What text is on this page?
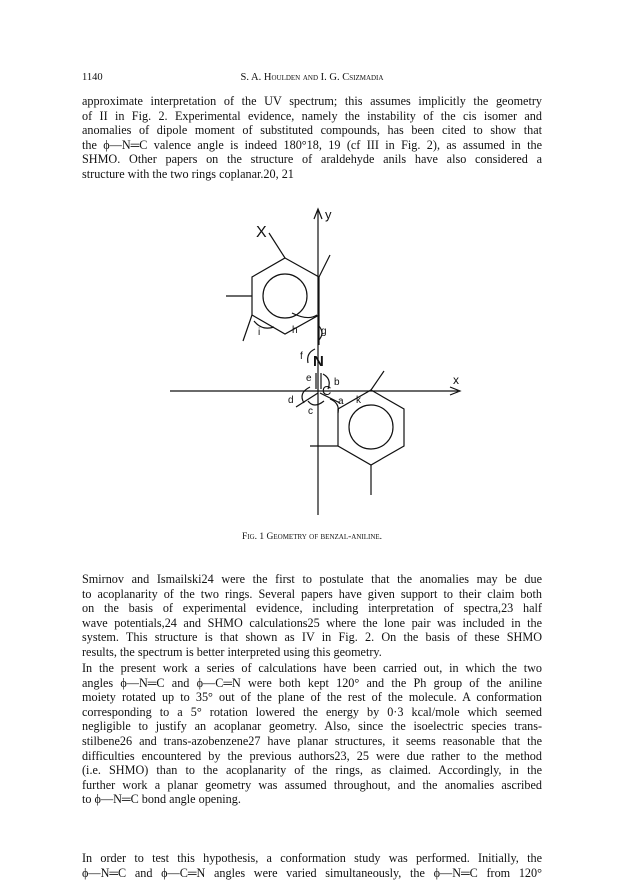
1140	S. A. Houlden and I. G. Csizmadia

approximate interpretation of the UV spectrum; this assumes implicitly the geometry
of II in Fig. 2. Experimental evidence, namely the instability of the cis isomer and
anomalies of dipole moment of substituted compounds, has been cited to show that
the ϕ—N═C valence angle is indeed 180°18, 19 (cf III in Fig. 2), as assumed in the
SHMO. Other papers on the structure of araldehyde anils have also considered a
structure with the two rings coplanar.20, 21

y
x
X
N
C
h g
i
f
e b
d
c
a k
Fig. 1 Geometry of benzal-aniline.

Smirnov and Ismailski24 were the first to postulate that the anomalies may be due
to acoplanarity of the two rings. Several papers have given support to their claim both
on the basis of experimental evidence, including interpretation of spectra,23 half
wave potentials,24 and SHMO calculations25 where the lone pair was included in the
system. This structure is that shown as IV in Fig. 2. On the basis of these SHMO
results, the spectrum is better interpreted using this geometry.

In the present work a series of calculations have been carried out, in which the two
angles ϕ—N═C and ϕ—C═N were both kept 120° and the Ph group of the aniline
moiety rotated up to 35° out of the plane of the rest of the molecule. A conformation
corresponding to a 5° rotation lowered the energy by 0·3 kcal/mole which seemed
negligible to justify an acoplanar geometry. Also, since the isoelectric species trans-
stilbene26 and trans-azobenzene27 have planar structures, it seems reasonable that the
difficulties encountered by the previous authors23, 25 were due rather to the method
(i.e. SHMO) than to the acoplanarity of the rings, as claimed. Accordingly, in the
further work a planar geometry was assumed throughout, and the anomalies ascribed
to ϕ—N═C bond angle opening.

In order to test this hypothesis, a conformation study was performed. Initially, the
ϕ—N═C and ϕ—C═N angles were varied simultaneously, the ϕ—N═C from 120°
